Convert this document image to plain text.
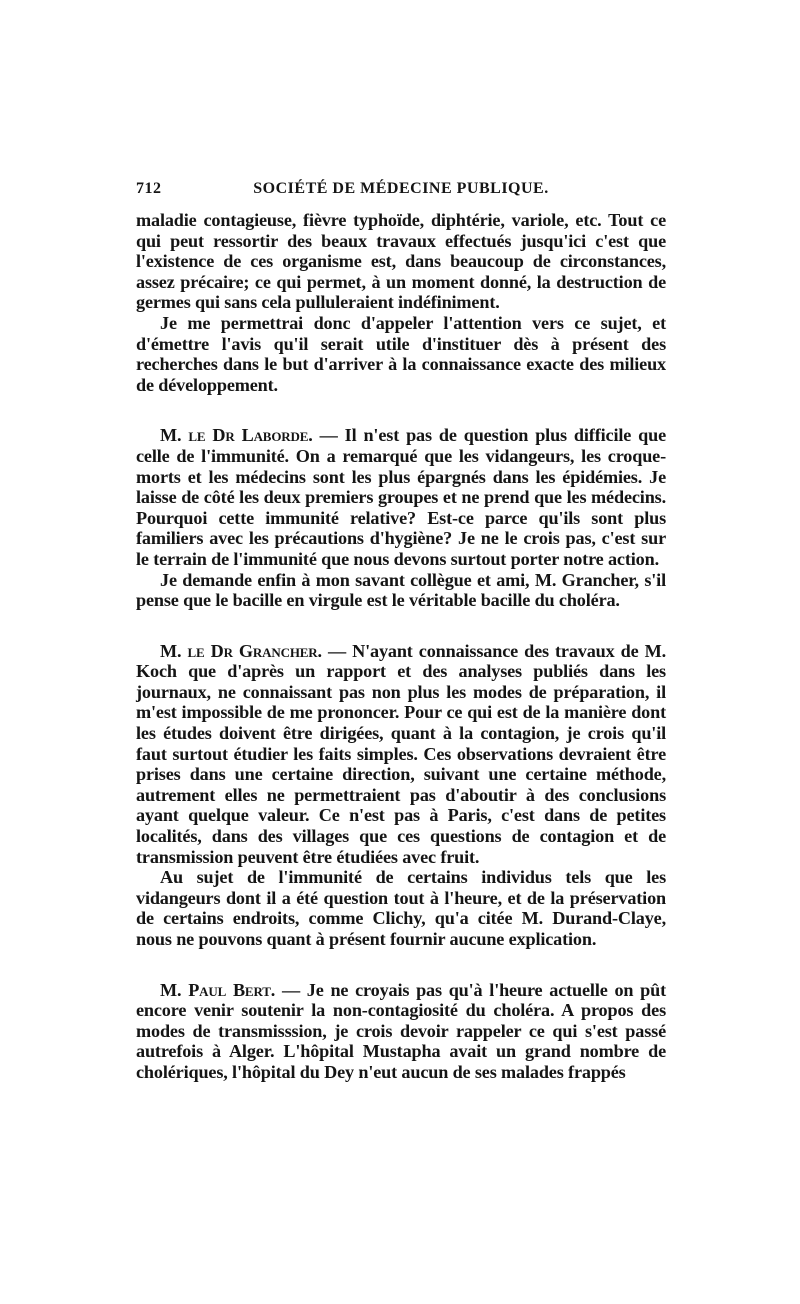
712	SOCIÉTÉ DE MÉDECINE PUBLIQUE.

maladie contagieuse, fièvre typhoïde, diphtérie, variole, etc. Tout ce qui peut ressortir des beaux travaux effectués jusqu'ici c'est que l'existence de ces organisme est, dans beaucoup de circonstances, assez précaire; ce qui permet, à un moment donné, la destruction de germes qui sans cela pulluleraient indéfiniment.

Je me permettrai donc d'appeler l'attention vers ce sujet, et d'émettre l'avis qu'il serait utile d'instituer dès à présent des recherches dans le but d'arriver à la connaissance exacte des milieux de développement.

M. le Dr Laborde. — Il n'est pas de question plus difficile que celle de l'immunité. On a remarqué que les vidangeurs, les croque-morts et les médecins sont les plus épargnés dans les épidémies. Je laisse de côté les deux premiers groupes et ne prend que les médecins. Pourquoi cette immunité relative? Est-ce parce qu'ils sont plus familiers avec les précautions d'hygiène? Je ne le crois pas, c'est sur le terrain de l'immunité que nous devons surtout porter notre action.

Je demande enfin à mon savant collègue et ami, M. Grancher, s'il pense que le bacille en virgule est le véritable bacille du choléra.

M. le Dr Grancher. — N'ayant connaissance des travaux de M. Koch que d'après un rapport et des analyses publiés dans les journaux, ne connaissant pas non plus les modes de préparation, il m'est impossible de me prononcer. Pour ce qui est de la manière dont les études doivent être dirigées, quant à la contagion, je crois qu'il faut surtout étudier les faits simples. Ces observations devraient être prises dans une certaine direction, suivant une certaine méthode, autrement elles ne permettraient pas d'aboutir à des conclusions ayant quelque valeur. Ce n'est pas à Paris, c'est dans de petites localités, dans des villages que ces questions de contagion et de transmission peuvent être étudiées avec fruit.

Au sujet de l'immunité de certains individus tels que les vidangeurs dont il a été question tout à l'heure, et de la préservation de certains endroits, comme Clichy, qu'a citée M. Durand-Claye, nous ne pouvons quant à présent fournir aucune explication.

M. Paul Bert. — Je ne croyais pas qu'à l'heure actuelle on pût encore venir soutenir la non-contagiosité du choléra. A propos des modes de transmisssion, je crois devoir rappeler ce qui s'est passé autrefois à Alger. L'hôpital Mustapha avait un grand nombre de cholériques, l'hôpital du Dey n'eut aucun de ses malades frappés
